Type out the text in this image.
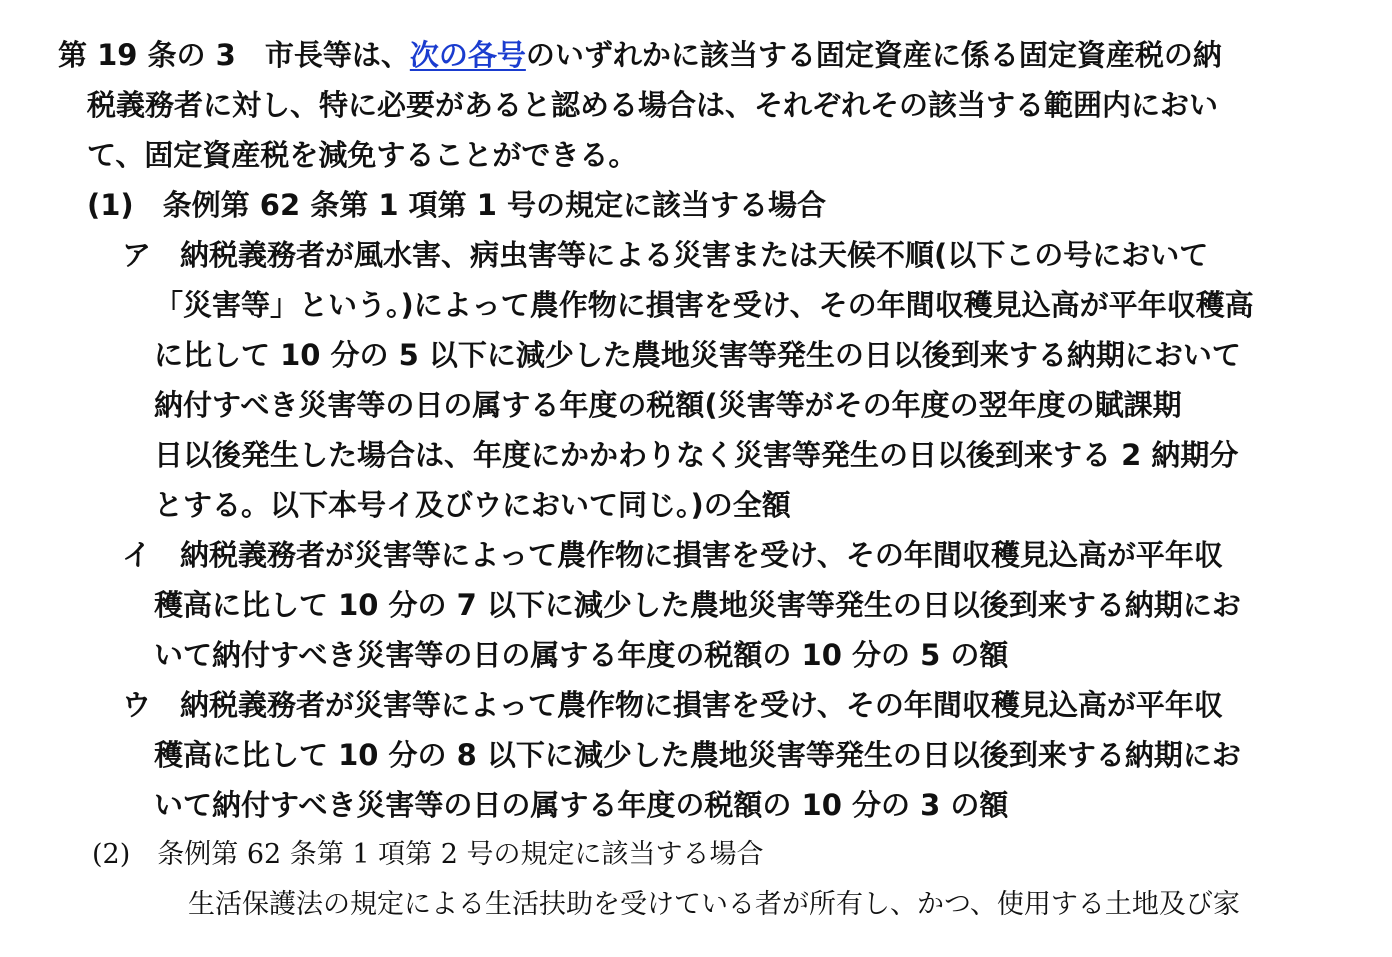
第 19 条の 3　市長等は、次の各号のいずれかに該当する固定資産に係る固定資産税の納
税義務者に対し、特に必要があると認める場合は、それぞれその該当する範囲内におい
て、固定資産税を減免することができる。
(1)　条例第 62 条第 1 項第 1 号の規定に該当する場合
ア　納税義務者が風水害、病虫害等による災害または天候不順(以下この号において
「災害等」という。)によって農作物に損害を受け、その年間収穫見込高が平年収穫高
に比して 10 分の 5 以下に減少した農地災害等発生の日以後到来する納期において
納付すべき災害等の日の属する年度の税額(災害等がその年度の翌年度の賦課期
日以後発生した場合は、年度にかかわりなく災害等発生の日以後到来する 2 納期分
とする。以下本号イ及びウにおいて同じ。)の全額
イ　納税義務者が災害等によって農作物に損害を受け、その年間収穫見込高が平年収
穫高に比して 10 分の 7 以下に減少した農地災害等発生の日以後到来する納期にお
いて納付すべき災害等の日の属する年度の税額の 10 分の 5 の額
ウ　納税義務者が災害等によって農作物に損害を受け、その年間収穫見込高が平年収
穫高に比して 10 分の 8 以下に減少した農地災害等発生の日以後到来する納期にお
いて納付すべき災害等の日の属する年度の税額の 10 分の 3 の額
(2)　条例第 62 条第 1 項第 2 号の規定に該当する場合
生活保護法の規定による生活扶助を受けている者が所有し、かつ、使用する土地及び家
